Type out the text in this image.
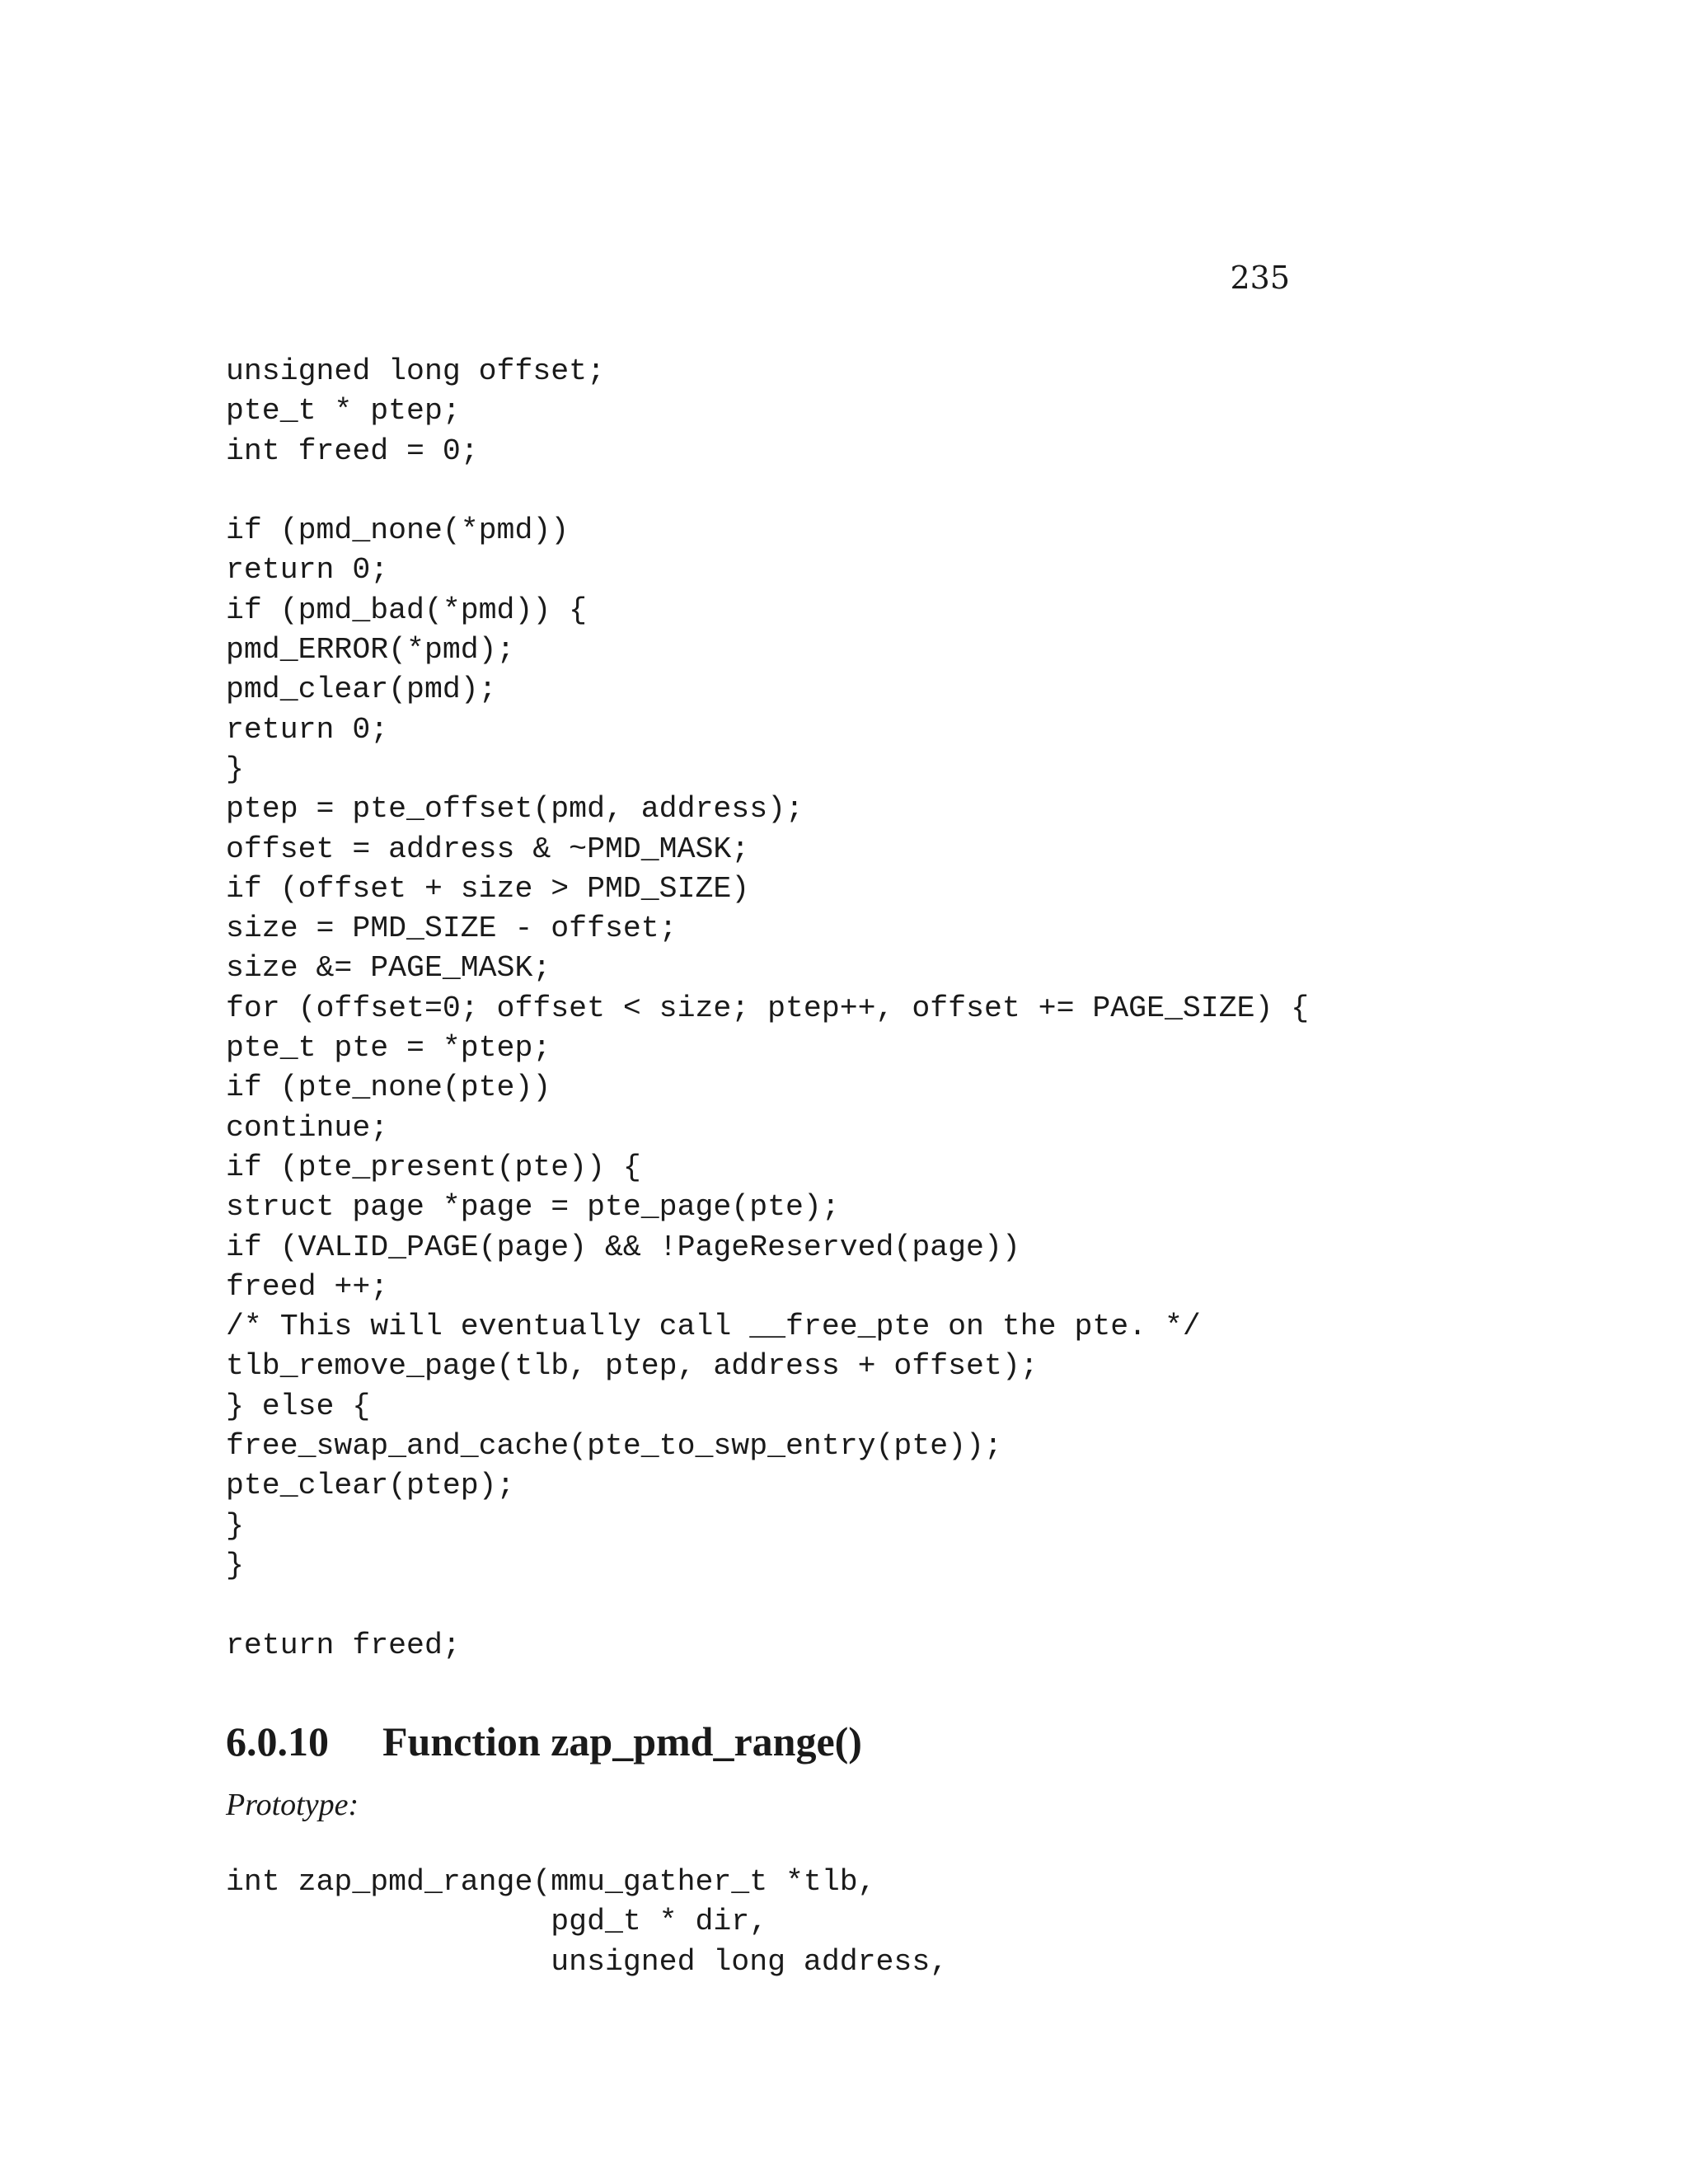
235
unsigned long offset;
pte_t * ptep;
int freed = 0;
if (pmd_none(*pmd))
return 0;
if (pmd_bad(*pmd)) {
pmd_ERROR(*pmd);
pmd_clear(pmd);
return 0;
}
ptep = pte_offset(pmd, address);
offset = address & ~PMD_MASK;
if (offset + size > PMD_SIZE)
size = PMD_SIZE - offset;
size &= PAGE_MASK;
for (offset=0; offset < size; ptep++, offset += PAGE_SIZE) {
pte_t pte = *ptep;
if (pte_none(pte))
continue;
if (pte_present(pte)) {
struct page *page = pte_page(pte);
if (VALID_PAGE(page) && !PageReserved(page))
freed ++;
/* This will eventually call __free_pte on the pte. */
tlb_remove_page(tlb, ptep, address + offset);
} else {
free_swap_and_cache(pte_to_swp_entry(pte));
pte_clear(ptep);
}
}
return freed;
6.0.10 Function zap_pmd_range()

Prototype:

int zap_pmd_range(mmu_gather_t *tlb,
pgd_t * dir,
unsigned long address,
